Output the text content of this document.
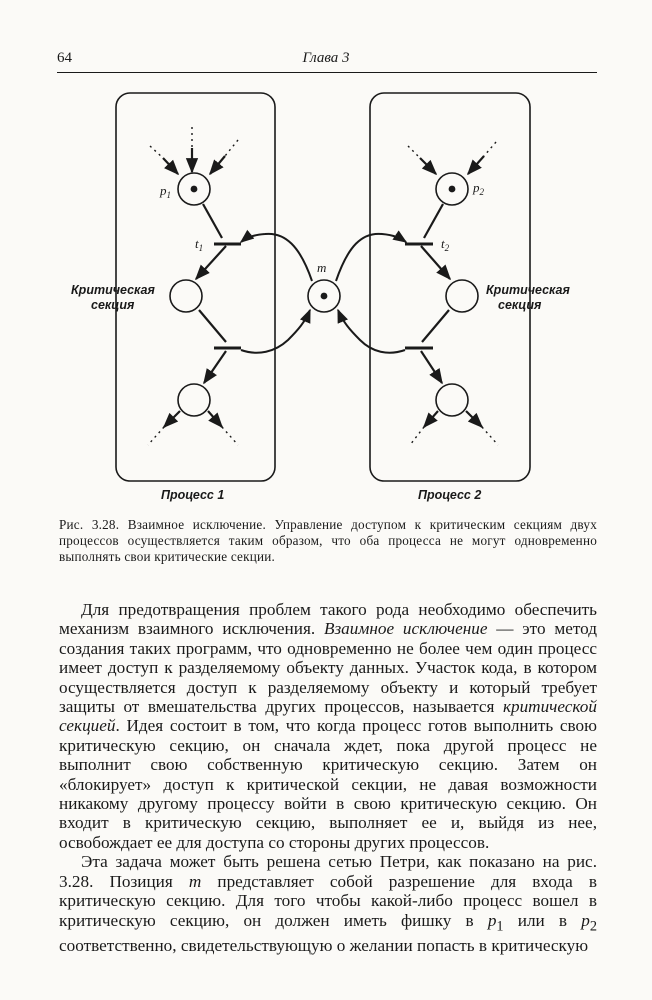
64	Глава 3
$p_1$	$p_2$
$t_1$	$t_2$
m
Критическая
секция
Критическая
секция
Процесс 1	Процесс 2
Рис. 3.28. Взаимное исключение. Управление доступом к критическим секциям двух процессов осуществляется таким образом, что оба процесса не могут одновременно выполнять свои критические секции.

Для предотвращения проблем такого рода необходимо обеспечить механизм взаимного исключения. Взаимное исключение — это метод создания таких программ, что одновременно не более чем один процесс имеет доступ к разделяемому объекту данных. Участок кода, в котором осуществляется доступ к разделяемому объекту и который требует защиты от вмешательства других процессов, называется критической секцией. Идея состоит в том, что когда процесс готов выполнить свою критическую секцию, он сначала ждет, пока другой процесс не выполнит свою собственную критическую секцию. Затем он «блокирует» доступ к критической секции, не давая возможности никакому другому процессу войти в свою критическую секцию. Он входит в критическую секцию, выполняет ее и, выйдя из нее, освобождает ее для доступа со стороны других процессов.

Эта задача может быть решена сетью Петри, как показано на рис. 3.28. Позиция m представляет собой разрешение для входа в критическую секцию. Для того чтобы какой-либо процесс вошел в критическую секцию, он должен иметь фишку в $p_1$ или в $p_2$ соответственно, свидетельствующую о желании попасть в критическую
